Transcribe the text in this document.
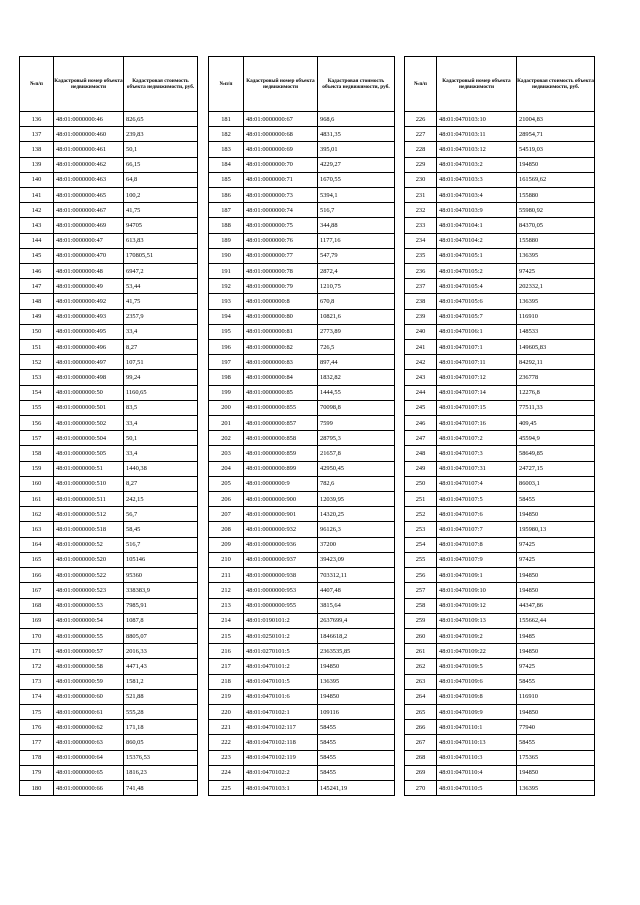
№п/п	Кадастровый номер объекта недвижимости	Кадастровая стоимость объекта недвижимости, руб.
136	48:01:0000000:46	826,65
137	48:01:0000000:460	239,83
138	48:01:0000000:461	50,1
139	48:01:0000000:462	66,15
140	48:01:0000000:463	64,8
141	48:01:0000000:465	100,2
142	48:01:0000000:467	41,75
143	48:01:0000000:469	94705
144	48:01:0000000:47	613,83
145	48:01:0000000:470	170805,51
146	48:01:0000000:48	6947,2
147	48:01:0000000:49	53,44
148	48:01:0000000:492	41,75
149	48:01:0000000:493	2357,9
150	48:01:0000000:495	33,4
151	48:01:0000000:496	8,27
152	48:01:0000000:497	107,51
153	48:01:0000000:498	99,24
154	48:01:0000000:50	1160,65
155	48:01:0000000:501	83,5
156	48:01:0000000:502	33,4
157	48:01:0000000:504	50,1
158	48:01:0000000:505	33,4
159	48:01:0000000:51	1440,38
160	48:01:0000000:510	8,27
161	48:01:0000000:511	242,15
162	48:01:0000000:512	56,7
163	48:01:0000000:518	58,45
164	48:01:0000000:52	516,7
165	48:01:0000000:520	105146
166	48:01:0000000:522	95360
167	48:01:0000000:523	338383,9
168	48:01:0000000:53	7985,91
169	48:01:0000000:54	1087,8
170	48:01:0000000:55	8805,07
171	48:01:0000000:57	2016,33
172	48:01:0000000:58	4471,43
173	48:01:0000000:59	1581,2
174	48:01:0000000:60	521,88
175	48:01:0000000:61	555,28
176	48:01:0000000:62	171,18
177	48:01:0000000:63	860,05
178	48:01:0000000:64	15376,53
179	48:01:0000000:65	1816,23
180	48:01:0000000:66	741,48
№п/п	Кадастровый номер объекта недвижимости	Кадастровая стоимость объекта недвижимости, руб.
181	48:01:0000000:67	968,6
182	48:01:0000000:68	4831,35
183	48:01:0000000:69	395,01
184	48:01:0000000:70	4229,27
185	48:01:0000000:71	1670,55
186	48:01:0000000:73	5394,1
187	48:01:0000000:74	516,7
188	48:01:0000000:75	344,88
189	48:01:0000000:76	1177,16
190	48:01:0000000:77	547,79
191	48:01:0000000:78	2872,4
192	48:01:0000000:79	1210,75
193	48:01:0000000:8	670,8
194	48:01:0000000:80	10821,6
195	48:01:0000000:81	2773,89
196	48:01:0000000:82	726,5
197	48:01:0000000:83	897,44
198	48:01:0000000:84	1832,82
199	48:01:0000000:85	1444,55
200	48:01:0000000:855	70098,8
201	48:01:0000000:857	7599
202	48:01:0000000:858	28795,3
203	48:01:0000000:859	21657,8
204	48:01:0000000:899	42950,45
205	48:01:0000000:9	782,6
206	48:01:0000000:900	12039,95
207	48:01:0000000:901	14320,25
208	48:01:0000000:932	96126,3
209	48:01:0000000:936	37200
210	48:01:0000000:937	39423,09
211	48:01:0000000:938	703312,11
212	48:01:0000000:953	4407,48
213	48:01:0000000:955	3815,64
214	48:01:0190101:2	2637699,4
215	48:01:0250101:2	1846618,2
216	48:01:0270101:5	2363535,85
217	48:01:0470101:2	194850
218	48:01:0470101:5	136395
219	48:01:0470101:6	194850
220	48:01:0470102:1	109116
221	48:01:0470102:117	58455
222	48:01:0470102:118	58455
223	48:01:0470102:119	58455
224	48:01:0470102:2	58455
225	48:01:0470103:1	145241,19
№п/п	Кадастровый номер объекта недвижимости	Кадастровая стоимость объекта недвижимости, руб.
226	48:01:0470103:10	21004,83
227	48:01:0470103:11	28954,71
228	48:01:0470103:12	54519,03
229	48:01:0470103:2	194850
230	48:01:0470103:3	161569,62
231	48:01:0470103:4	155880
232	48:01:0470103:9	55980,92
233	48:01:0470104:1	84370,05
234	48:01:0470104:2	155880
235	48:01:0470105:1	136395
236	48:01:0470105:2	97425
237	48:01:0470105:4	202332,1
238	48:01:0470105:6	136395
239	48:01:0470105:7	116910
240	48:01:0470106:1	148533
241	48:01:0470107:1	149605,83
242	48:01:0470107:11	84292,11
243	48:01:0470107:12	236778
244	48:01:0470107:14	12276,8
245	48:01:0470107:15	77511,33
246	48:01:0470107:16	409,45
247	48:01:0470107:2	45594,9
248	48:01:0470107:3	58649,85
249	48:01:0470107:31	24727,15
250	48:01:0470107:4	86003,1
251	48:01:0470107:5	58455
252	48:01:0470107:6	194850
253	48:01:0470107:7	195980,13
254	48:01:0470107:8	97425
255	48:01:0470107:9	97425
256	48:01:0470109:1	194850
257	48:01:0470109:10	194850
258	48:01:0470109:12	44347,86
259	48:01:0470109:13	155662,44
260	48:01:0470109:2	19485
261	48:01:0470109:22	194850
262	48:01:0470109:5	97425
263	48:01:0470109:6	58455
264	48:01:0470109:8	116910
265	48:01:0470109:9	194850
266	48:01:0470110:1	77940
267	48:01:0470110:13	58455
268	48:01:0470110:3	175365
269	48:01:0470110:4	194850
270	48:01:0470110:5	136395
